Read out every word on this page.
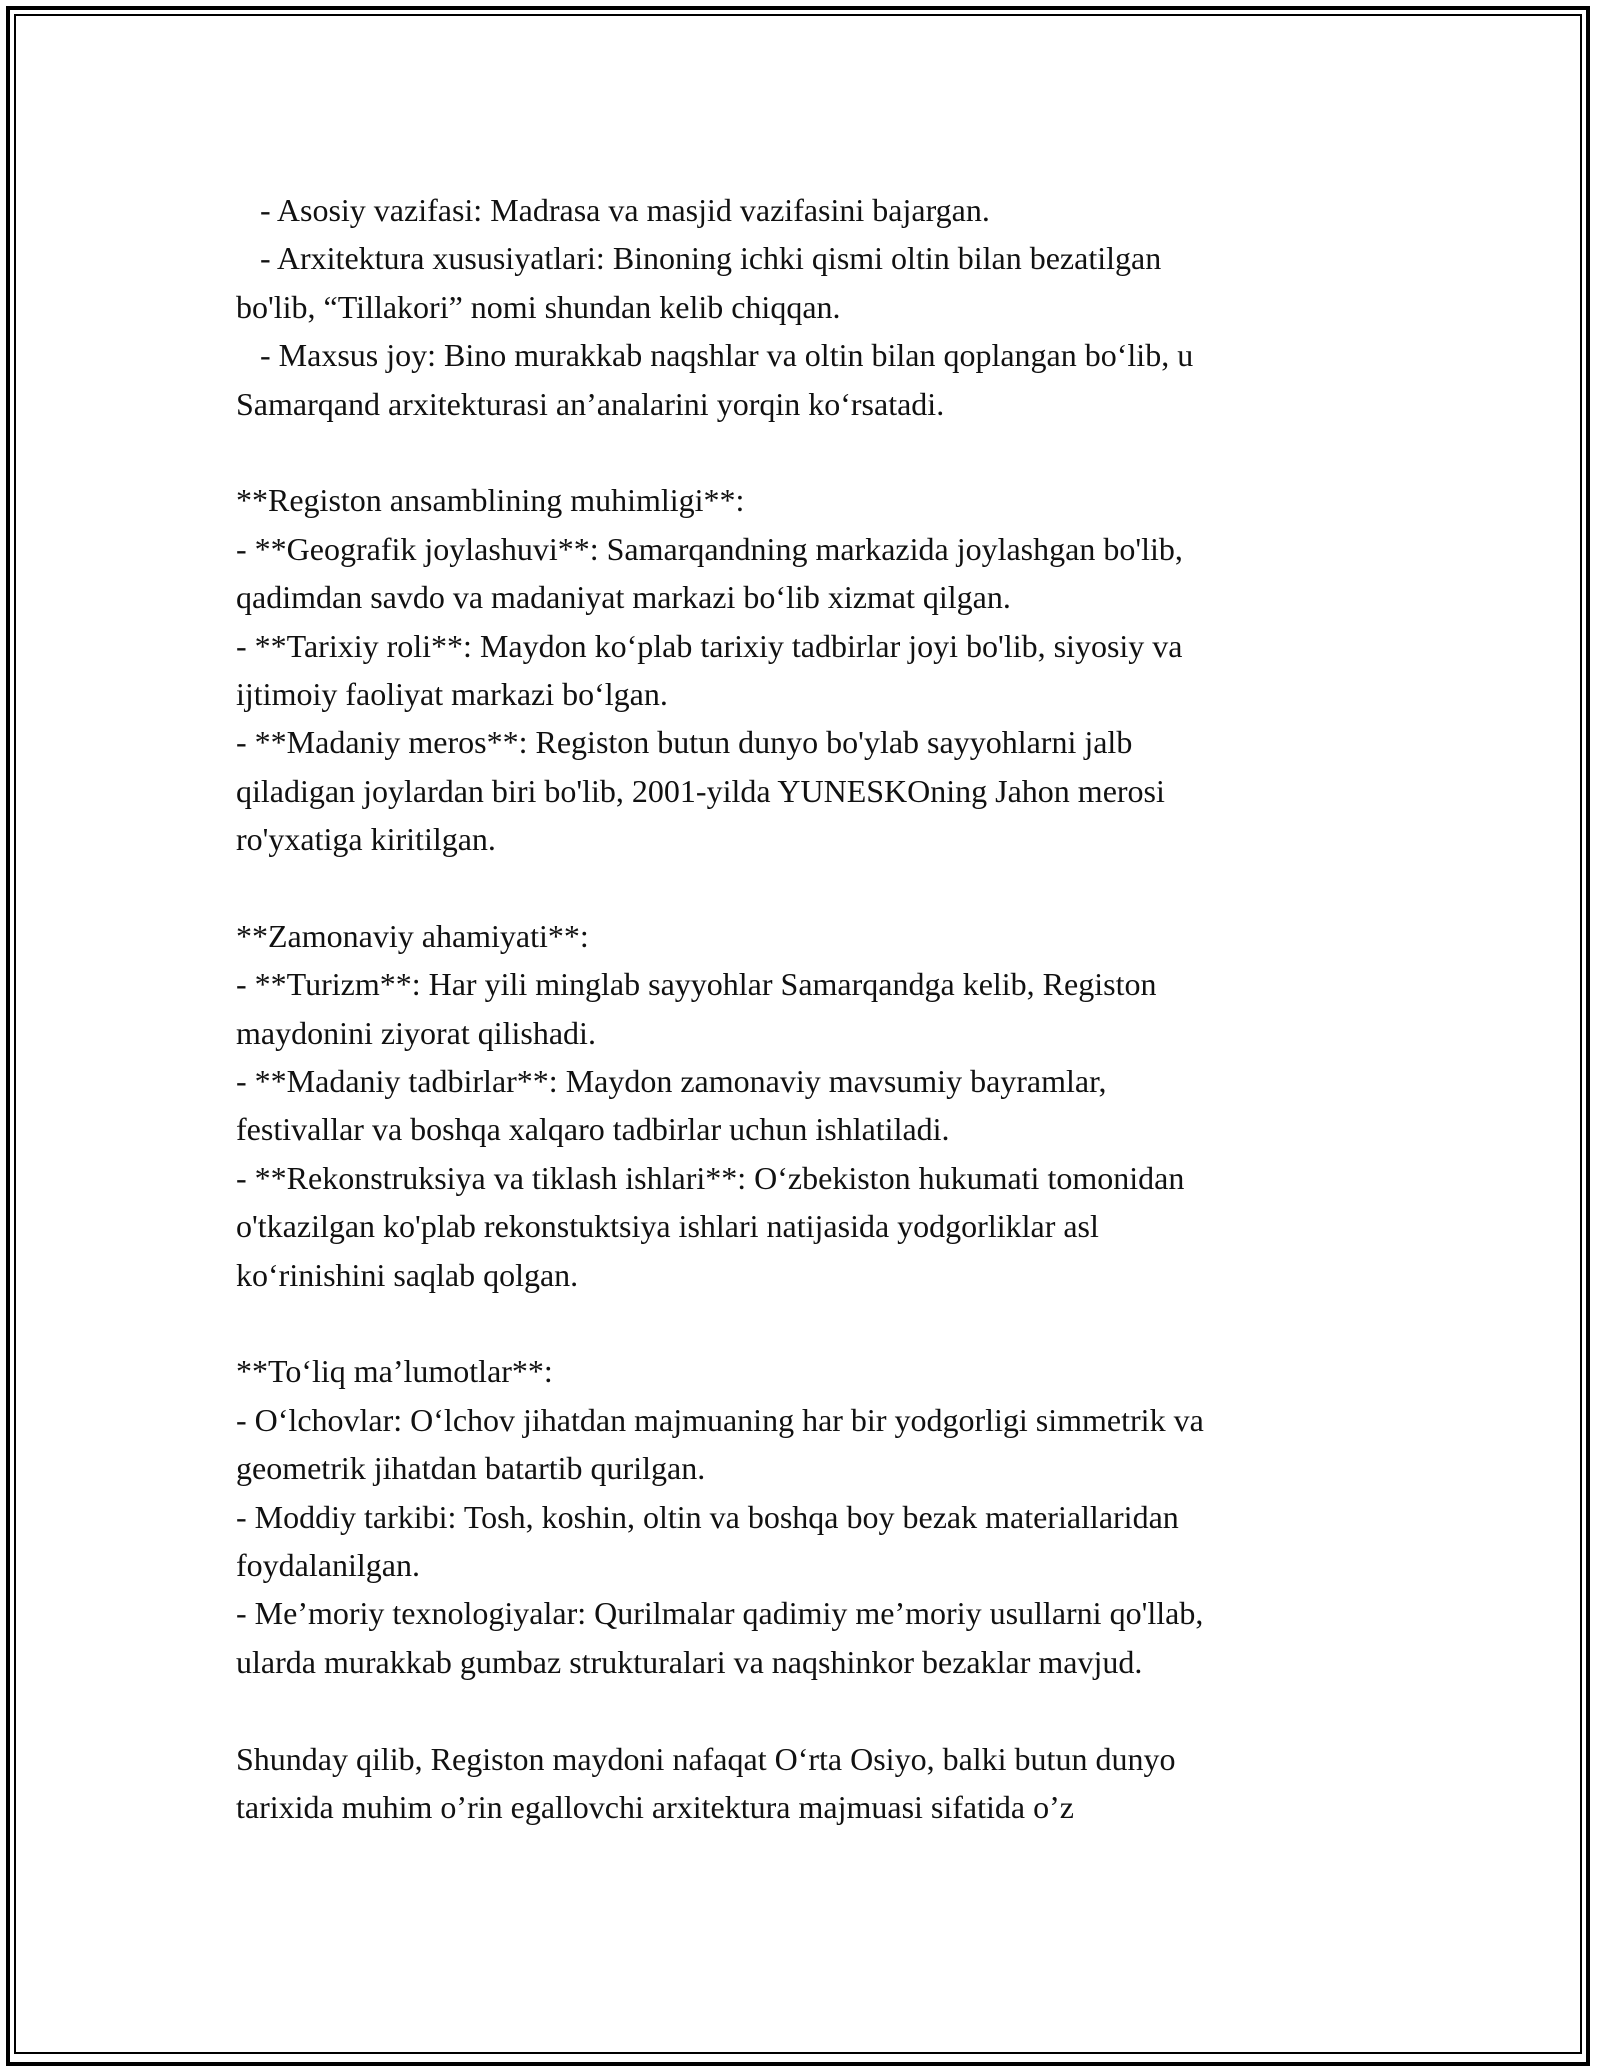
- Asosiy vazifasi: Madrasa va masjid vazifasini bajargan.
- Arxitektura xususiyatlari: Binoning ichki qismi oltin bilan bezatilgan
bo'lib, “Tillakori” nomi shundan kelib chiqqan.
- Maxsus joy: Bino murakkab naqshlar va oltin bilan qoplangan bo‘lib, u
Samarqand arxitekturasi an’analarini yorqin ko‘rsatadi.
**Registon ansamblining muhimligi**:
- **Geografik joylashuvi**: Samarqandning markazida joylashgan bo'lib,
qadimdan savdo va madaniyat markazi bo‘lib xizmat qilgan.
- **Tarixiy roli**: Maydon ko‘plab tarixiy tadbirlar joyi bo'lib, siyosiy va
ijtimoiy faoliyat markazi bo‘lgan.
- **Madaniy meros**: Registon butun dunyo bo'ylab sayyohlarni jalb
qiladigan joylardan biri bo'lib, 2001-yilda YUNESKOning Jahon merosi
ro'yxatiga kiritilgan.
**Zamonaviy ahamiyati**:
- **Turizm**: Har yili minglab sayyohlar Samarqandga kelib, Registon
maydonini ziyorat qilishadi.
- **Madaniy tadbirlar**: Maydon zamonaviy mavsumiy bayramlar,
festivallar va boshqa xalqaro tadbirlar uchun ishlatiladi.
- **Rekonstruksiya va tiklash ishlari**: O‘zbekiston hukumati tomonidan
o'tkazilgan ko'plab rekonstuktsiya ishlari natijasida yodgorliklar asl
ko‘rinishini saqlab qolgan.
**To‘liq ma’lumotlar**:
- O‘lchovlar: O‘lchov jihatdan majmuaning har bir yodgorligi simmetrik va
geometrik jihatdan batartib qurilgan.
- Moddiy tarkibi: Tosh, koshin, oltin va boshqa boy bezak materiallaridan
foydalanilgan.
- Me’moriy texnologiyalar: Qurilmalar qadimiy me’moriy usullarni qo'llab,
ularda murakkab gumbaz strukturalari va naqshinkor bezaklar mavjud.
Shunday qilib, Registon maydoni nafaqat O‘rta Osiyo, balki butun dunyo
tarixida muhim o’rin egallovchi arxitektura majmuasi sifatida o’z
